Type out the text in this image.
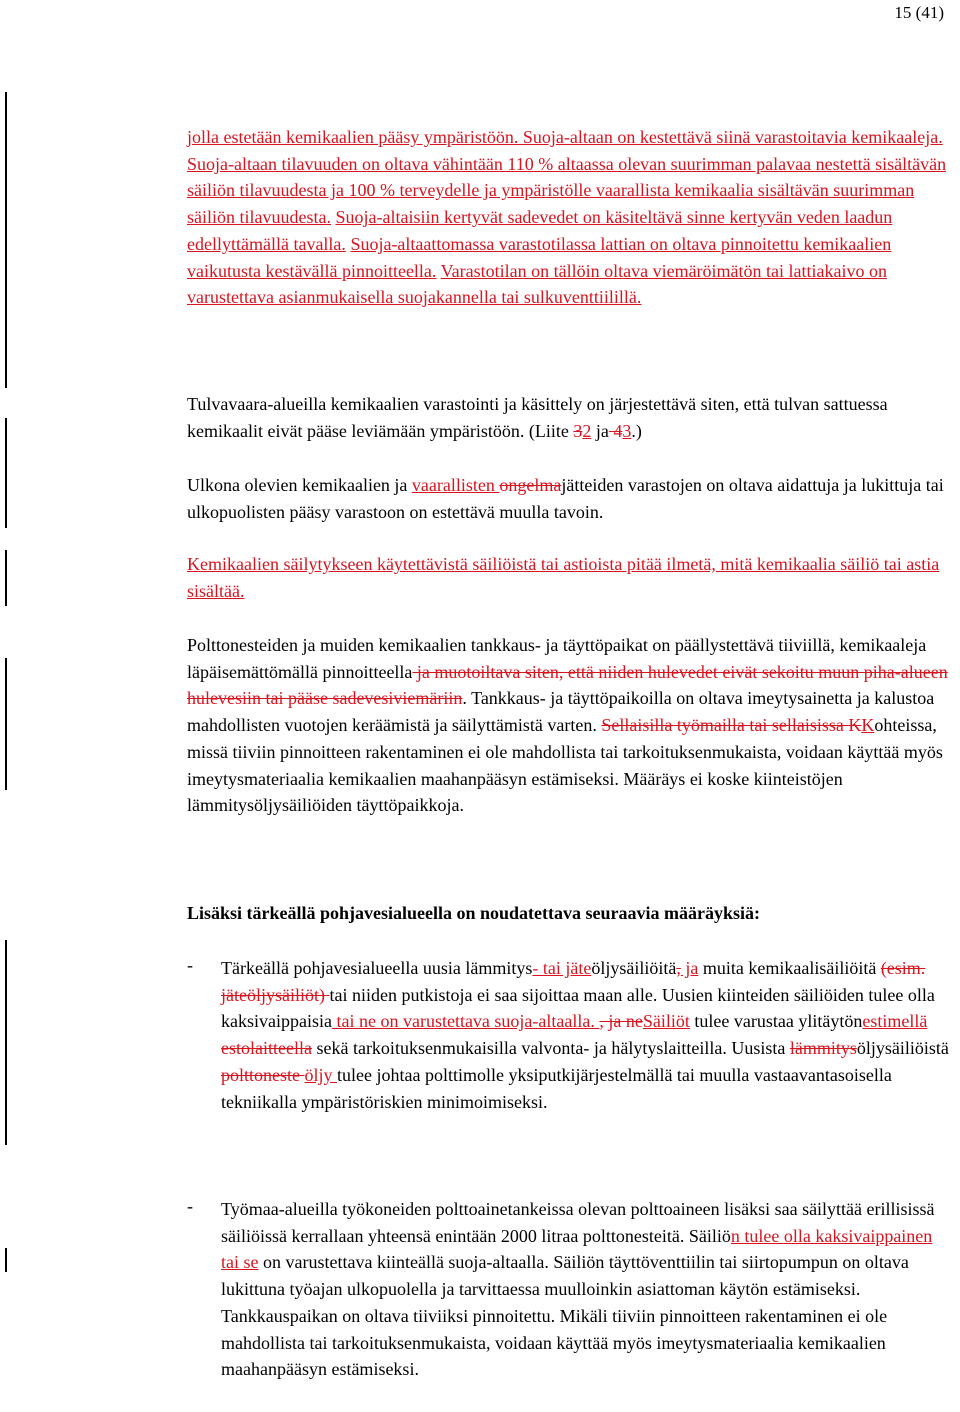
15 (41)

jolla estetään kemikaalien pääsy ympäristöön. Suoja-altaan on kestettävä siinä varastoitavia kemikaaleja. Suoja-altaan tilavuuden on oltava vähintään 110 % altaassa olevan suurimman palavaa nestettä sisältävän säiliön tilavuudesta ja 100 % terveydelle ja ympäristölle vaarallista kemikaalia sisältävän suurimman säiliön tilavuudesta. Suoja-altaisiin kertyvät sadevedet on käsiteltävä sinne kertyvän veden laadun edellyttämällä tavalla. Suoja-altaattomassa varastotilassa lattian on oltava pinnoitettu kemikaalien vaikutusta kestävällä pinnoitteella. Varastotilan on tällöin oltava viemäröimätön tai lattiakaivo on varustettava asianmukaisella suojakannella tai sulkuventtiilillä.

Tulvavaara-alueilla kemikaalien varastointi ja käsittely on järjestettävä siten, että tulvan sattuessa kemikaalit eivät pääse leviämään ympäristöön. (Liite 32 ja 43.)

Ulkona olevien kemikaalien ja vaarallisten ongelmajätteiden varastojen on oltava aidattuja ja lukittuja tai ulkopuolisten pääsy varastoon on estettävä muulla tavoin.

Kemikaalien säilytykseen käytettävistä säiliöistä tai astioista pitää ilmetä, mitä kemikaalia säiliö tai astia sisältää.

Polttonesteiden ja muiden kemikaalien tankkaus- ja täyttöpaikat on päällystettävä tiiviillä, kemikaaleja läpäisemättömällä pinnoitteella ja muotoiltava siten, että niiden hulevedet eivät sekoitu muun piha-alueen hulevesiin tai pääse sadevesiviemäriin. Tankkaus- ja täyttöpaikoilla on oltava imeytysainetta ja kalustoa mahdollisten vuotojen keräämistä ja säilyttämistä varten. Sellaisilla työmailla tai sellaisissa KKohteissa, missä tiiviin pinnoitteen rakentaminen ei ole mahdollista tai tarkoituksenmukaista, voidaan käyttää myös imeytysmateriaalia kemikaalien maahanpääsyn estämiseksi. Määräys ei koske kiinteistöjen lämmitysöljysäiliöiden täyttöpaikkoja.

Lisäksi tärkeällä pohjavesialueella on noudatettava seuraavia määräyksiä:

- Tärkeällä pohjavesialueella uusia lämmitys- tai jäteöljysäiliöitä, ja muita kemikaalisäiliöitä (esim. jäteöljysäiliöt) tai niiden putkistoja ei saa sijoittaa maan alle. Uusien kiinteiden säiliöiden tulee olla kaksivaippaisia tai ne on varustettava suoja-altaalla. , ja neSäiliöt tulee varustaa ylitäytönestimellä estolaitteella sekä tarkoituksenmukaisilla valvonta- ja hälytyslaitteilla. Uusista lämmitysöljysäiliöistä polttoneste öljy tulee johtaa polttimolle yksiputkijärjestelmällä tai muulla vastaavantasoisella tekniikalla ympäristöriskien minimoimiseksi.

- Työmaa-alueilla työkoneiden polttoainetankeissa olevan polttoaineen lisäksi saa säilyttää erillisissä säiliöissä kerrallaan yhteensä enintään 2000 litraa polttonesteitä. Säiliön tulee olla kaksivaippainen tai se on varustettava kiinteällä suoja-altaalla. Säiliön täyttöventtiilin tai siirtopumpun on oltava lukittuna työajan ulkopuolella ja tarvittaessa muulloinkin asiattoman käytön estämiseksi. Tankkauspaikan on oltava tiiviiksi pinnoitettu. Mikäli tiiviin pinnoitteen rakentaminen ei ole mahdollista tai tarkoituksenmukaista, voidaan käyttää myös imeytysmateriaalia kemikaalien maahanpääsyn estämiseksi.
